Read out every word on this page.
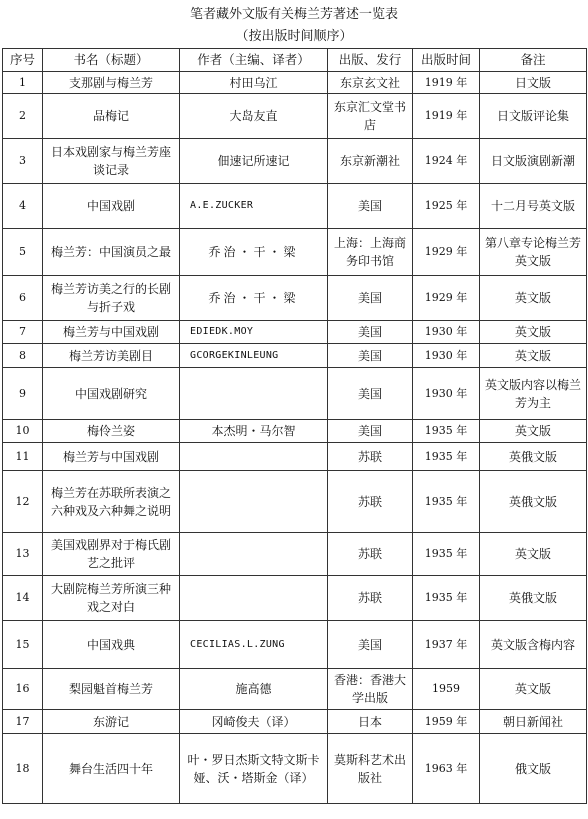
笔者藏外文版有关梅兰芳著述一览表
（按出版时间顺序）
序号	书名（标题）	作者（主编、译者）	出版、发行	出版时间	备注
1	支那剧与梅兰芳	村田乌江	东京玄文社	1919 年	日文版
2	品梅记	大岛友直	东京汇文堂书店	1919 年	日文版评论集
3	日本戏剧家与梅兰芳座谈记录	佃速记所速记	东京新潮社	1924 年	日文版演剧新潮
4	中国戏剧	A.E.ZUCKER	美国	1925 年	十二月号英文版
5	梅兰芳：中国演员之最	乔治・干・梁	上海：上海商务印书馆	1929 年	第八章专论梅兰芳英文版
6	梅兰芳访美之行的长剧与折子戏	乔治・干・梁	美国	1929 年	英文版
7	梅兰芳与中国戏剧	EDIEDK.MOY	美国	1930 年	英文版
8	梅兰芳访美剧目	GCORGEKINLEUNG	美国	1930 年	英文版
9	中国戏剧研究		美国	1930 年	英文版内容以梅兰芳为主
10	梅伶兰姿	本杰明・马尔智	美国	1935 年	英文版
11	梅兰芳与中国戏剧		苏联	1935 年	英俄文版
12	梅兰芳在苏联所表演之六种戏及六种舞之说明		苏联	1935 年	英俄文版
13	美国戏剧界对于梅氏剧艺之批评		苏联	1935 年	英文版
14	大剧院梅兰芳所演三种戏之对白		苏联	1935 年	英俄文版
15	中国戏典	CECILIAS.L.ZUNG	美国	1937 年	英文版含梅内容
16	梨园魁首梅兰芳	施高德	香港：香港大学出版	1959	英文版
17	东游记	冈崎俊夫（译）	日本	1959 年	朝日新闻社
18	舞台生活四十年	叶・罗日杰斯文特文斯卡娅、沃・塔斯金（译）	莫斯科艺术出版社	1963 年	俄文版
